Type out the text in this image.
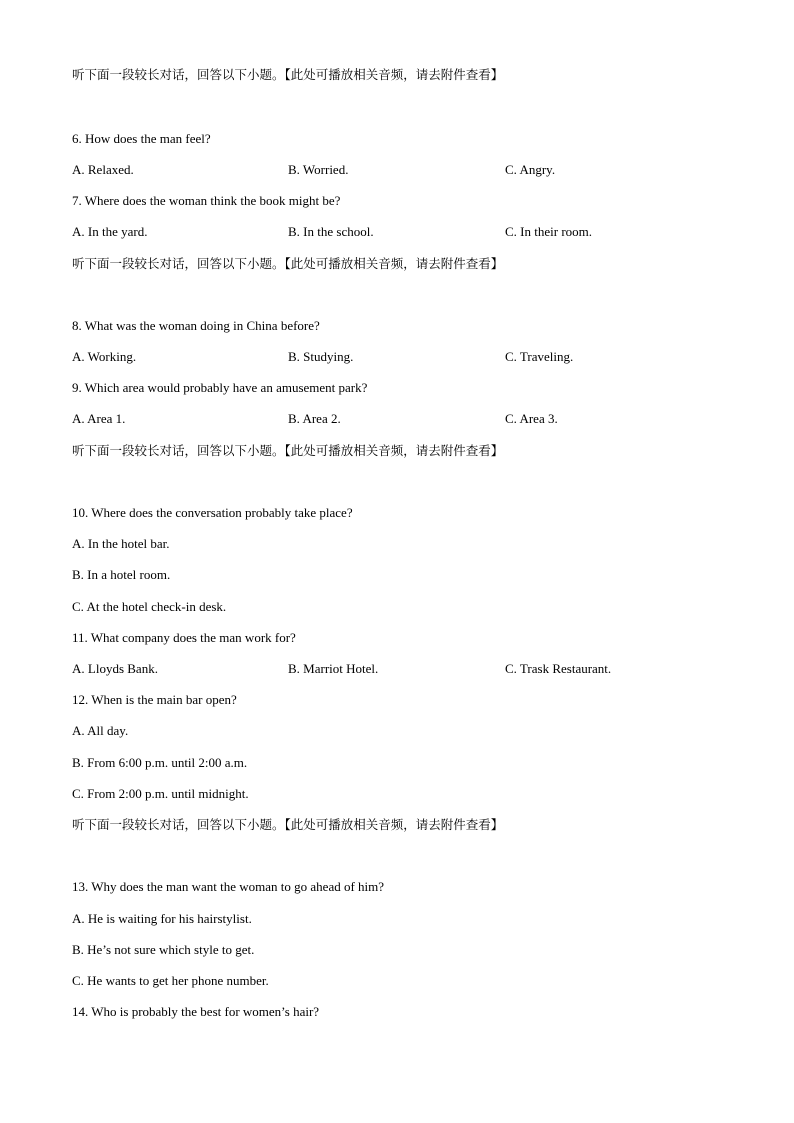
听下面一段较长对话，回答以下小题。【此处可播放相关音频，请去附件查看】
6. How does the man feel?
A. Relaxed.	B. Worried.	C. Angry.
7. Where does the woman think the book might be?
A. In the yard.	B. In the school.	C. In their room.
听下面一段较长对话，回答以下小题。【此处可播放相关音频，请去附件查看】
8. What was the woman doing in China before?
A. Working.	B. Studying.	C. Traveling.
9. Which area would probably have an amusement park?
A. Area 1.	B. Area 2.	C. Area 3.
听下面一段较长对话，回答以下小题。【此处可播放相关音频，请去附件查看】
10. Where does the conversation probably take place?
A. In the hotel bar.
B. In a hotel room.
C. At the hotel check-in desk.
11. What company does the man work for?
A. Lloyds Bank.	B. Marriot Hotel.	C. Trask Restaurant.
12. When is the main bar open?
A. All day.
B. From 6:00 p.m. until 2:00 a.m.
C. From 2:00 p.m. until midnight.
听下面一段较长对话，回答以下小题。【此处可播放相关音频，请去附件查看】
13. Why does the man want the woman to go ahead of him?
A. He is waiting for his hairstylist.
B. He’s not sure which style to get.
C. He wants to get her phone number.
14. Who is probably the best for women’s hair?
